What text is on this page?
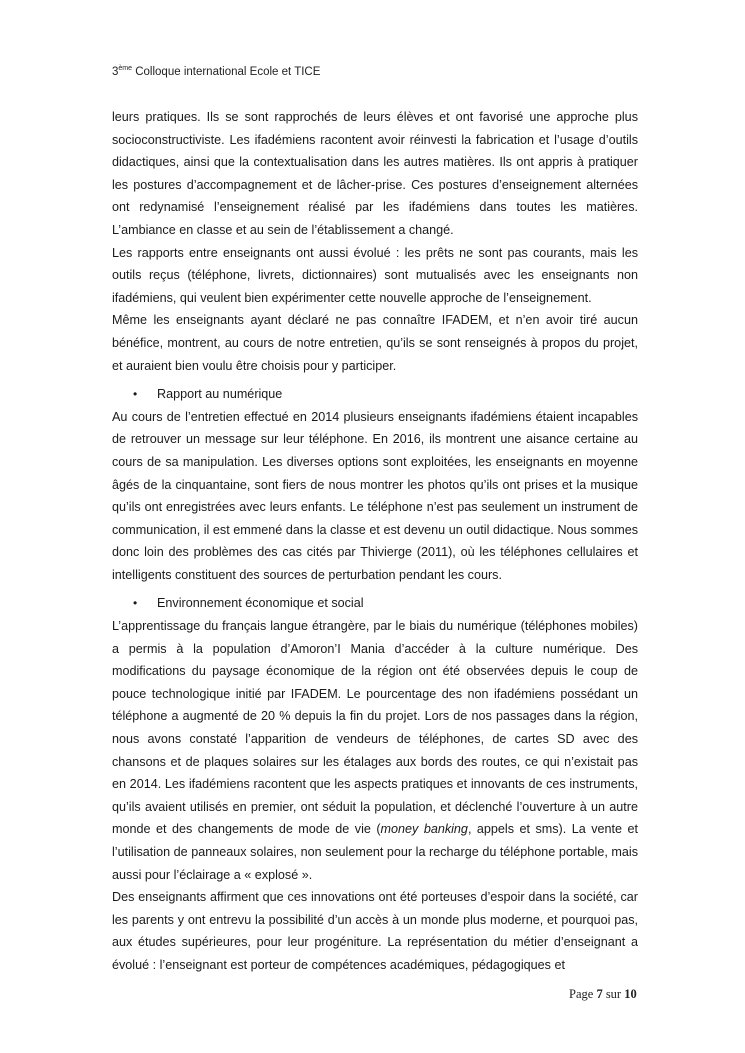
3ème Colloque international Ecole et TICE

leurs pratiques. Ils se sont rapprochés de leurs élèves et ont favorisé une approche plus socioconstructiviste. Les ifadémiens racontent avoir réinvesti la fabrication et l’usage d’outils didactiques, ainsi que la contextualisation dans les autres matières. Ils ont appris à pratiquer les postures d’accompagnement et de lâcher-prise. Ces postures d’enseignement alternées ont redynamisé l’enseignement réalisé par les ifadémiens dans toutes les matières. L’ambiance en classe et au sein de l’établissement a changé.

Les rapports entre enseignants ont aussi évolué : les prêts ne sont pas courants, mais les outils reçus (téléphone, livrets, dictionnaires) sont mutualisés avec les enseignants non ifadémiens, qui veulent bien expérimenter cette nouvelle approche de l’enseignement.

Même les enseignants ayant déclaré ne pas connaître IFADEM, et n’en avoir tiré aucun bénéfice, montrent, au cours de notre entretien, qu’ils se sont renseignés à propos du projet, et auraient bien voulu être choisis pour y participer.

• Rapport au numérique

Au cours de l’entretien effectué en 2014 plusieurs enseignants ifadémiens étaient incapables de retrouver un message sur leur téléphone. En 2016, ils montrent une aisance certaine au cours de sa manipulation. Les diverses options sont exploitées, les enseignants en moyenne âgés de la cinquantaine, sont fiers de nous montrer les photos qu’ils ont prises et la musique qu’ils ont enregistrées avec leurs enfants. Le téléphone n’est pas seulement un instrument de communication, il est emmené dans la classe et est devenu un outil didactique. Nous sommes donc loin des problèmes des cas cités par Thivierge (2011), où les téléphones cellulaires et intelligents constituent des sources de perturbation pendant les cours.

• Environnement économique et social

L’apprentissage du français langue étrangère, par le biais du numérique (téléphones mobiles) a permis à la population d’Amoron’I Mania d’accéder à la culture numérique. Des modifications du paysage économique de la région ont été observées depuis le coup de pouce technologique initié par IFADEM. Le pourcentage des non ifadémiens possédant un téléphone a augmenté de 20 % depuis la fin du projet. Lors de nos passages dans la région, nous avons constaté l’apparition de vendeurs de téléphones, de cartes SD avec des chansons et de plaques solaires sur les étalages aux bords des routes, ce qui n’existait pas en 2014. Les ifadémiens racontent que les aspects pratiques et innovants de ces instruments, qu’ils avaient utilisés en premier, ont séduit la population, et déclenché l’ouverture à un autre monde et des changements de mode de vie (money banking, appels et sms). La vente et l’utilisation de panneaux solaires, non seulement pour la recharge du téléphone portable, mais aussi pour l’éclairage a « explosé ».

Des enseignants affirment que ces innovations ont été porteuses d’espoir dans la société, car les parents y ont entrevu la possibilité d’un accès à un monde plus moderne, et pourquoi pas, aux études supérieures, pour leur progéniture. La représentation du métier d’enseignant a évolué : l’enseignant est porteur de compétences académiques, pédagogiques et

Page 7 sur 10
